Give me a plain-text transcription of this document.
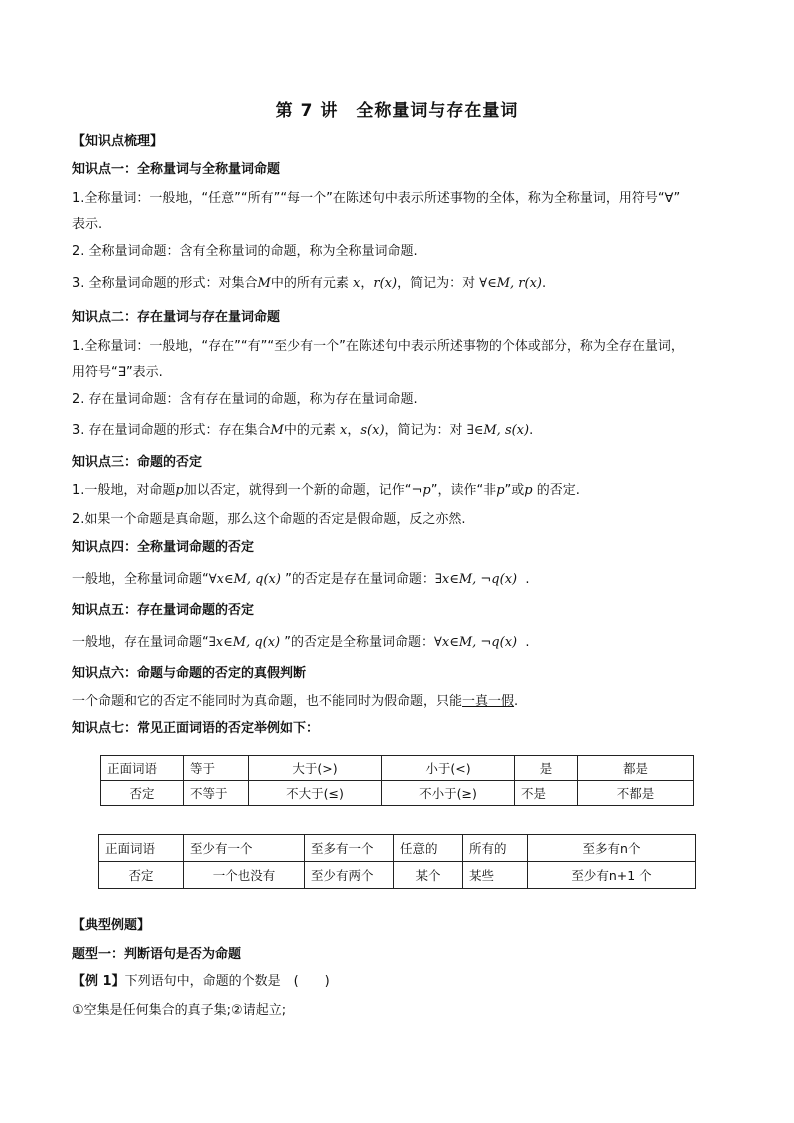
第 7 讲　全称量词与存在量词
【知识点梳理】
知识点一：全称量词与全称量词命题
1.全称量词：一般地，“任意”“所有”“每一个”在陈述句中表示所述事物的全体，称为全称量词，用符号“∀”
表示.
2. 全称量词命题：含有全称量词的命题，称为全称量词命题.
3. 全称量词命题的形式：对集合M中的所有元素 x，r(x)，简记为：对 ∀∈M, r(x).
知识点二：存在量词与存在量词命题
1.全称量词：一般地，“存在”“有”“至少有一个”在陈述句中表示所述事物的个体或部分，称为全存在量词，
用符号“∃”表示.
2. 存在量词命题：含有存在量词的命题，称为存在量词命题.
3. 存在量词命题的形式：存在集合M中的元素 x，s(x)，简记为：对 ∃∈M, s(x).
知识点三：命题的否定
1.一般地，对命题p加以否定，就得到一个新的命题，记作“¬p”，读作“非p”或p 的否定.
2.如果一个命题是真命题，那么这个命题的否定是假命题，反之亦然.
知识点四：全称量词命题的否定
一般地，全称量词命题“∀x∈M, q(x) ”的否定是存在量词命题：∃x∈M, ¬q(x) .
知识点五：存在量词命题的否定
一般地，存在量词命题“∃x∈M, q(x) ”的否定是全称量词命题：∀x∈M, ¬q(x) .
知识点六：命题与命题的否定的真假判断
一个命题和它的否定不能同时为真命题，也不能同时为假命题，只能一真一假.
知识点七：常见正面词语的否定举例如下：
正面词语	等于	大于(>)	小于(<)	是	都是
否定	不等于	不大于(≤)	不小于(≥)	不是	不都是
正面词语	至少有一个	至多有一个	任意的	所有的	至多有n个
否定	一个也没有	至少有两个	某个	某些	至少有n+1 个
【典型例题】
题型一：判断语句是否为命题
【例 1】下列语句中，命题的个数是　(　　)
①空集是任何集合的真子集;②请起立;
